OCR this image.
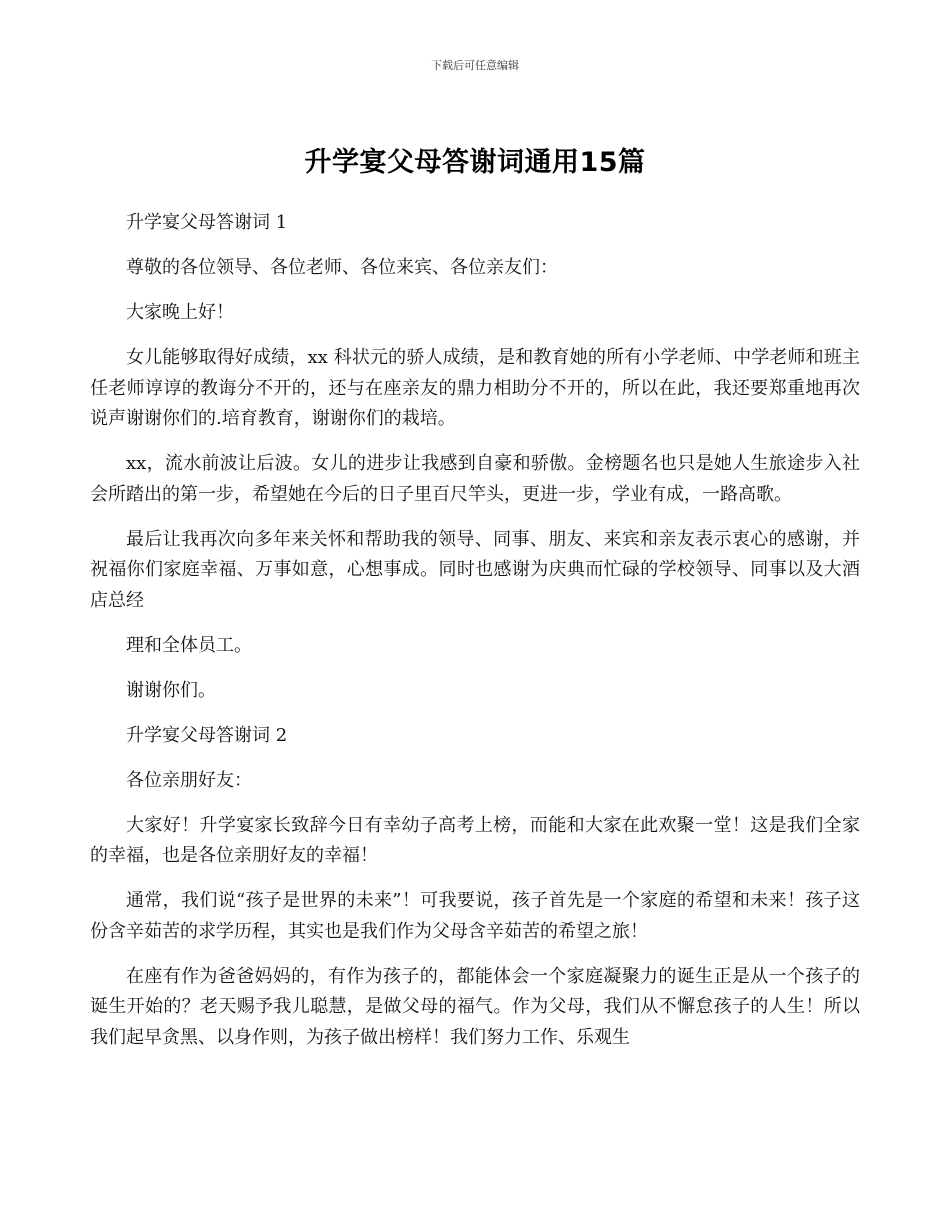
下载后可任意编辑
升学宴父母答谢词通用15篇

升学宴父母答谢词 1

尊敬的各位领导、各位老师、各位来宾、各位亲友们：

大家晚上好！

女儿能够取得好成绩，xx 科状元的骄人成绩，是和教育她的所有小学老师、中学老师和班主任老师谆谆的教诲分不开的，还与在座亲友的鼎力相助分不开的，所以在此，我还要郑重地再次说声谢谢你们的.培育教育，谢谢你们的栽培。

xx，流水前波让后波。女儿的进步让我感到自豪和骄傲。金榜题名也只是她人生旅途步入社会所踏出的第一步，希望她在今后的日子里百尺竿头，更进一步，学业有成，一路高歌。

最后让我再次向多年来关怀和帮助我的领导、同事、朋友、来宾和亲友表示衷心的感谢，并祝福你们家庭幸福、万事如意，心想事成。同时也感谢为庆典而忙碌的学校领导、同事以及大酒店总经

理和全体员工。

谢谢你们。

升学宴父母答谢词 2

各位亲朋好友：

大家好！升学宴家长致辞今日有幸幼子高考上榜，而能和大家在此欢聚一堂！这是我们全家的幸福，也是各位亲朋好友的幸福！

通常，我们说“孩子是世界的未来”！可我要说，孩子首先是一个家庭的希望和未来！孩子这份含辛茹苦的求学历程，其实也是我们作为父母含辛茹苦的希望之旅！

在座有作为爸爸妈妈的，有作为孩子的，都能体会一个家庭凝聚力的诞生正是从一个孩子的诞生开始的？老天赐予我儿聪慧，是做父母的福气。作为父母，我们从不懈怠孩子的人生！所以我们起早贪黑、以身作则，为孩子做出榜样！我们努力工作、乐观生
